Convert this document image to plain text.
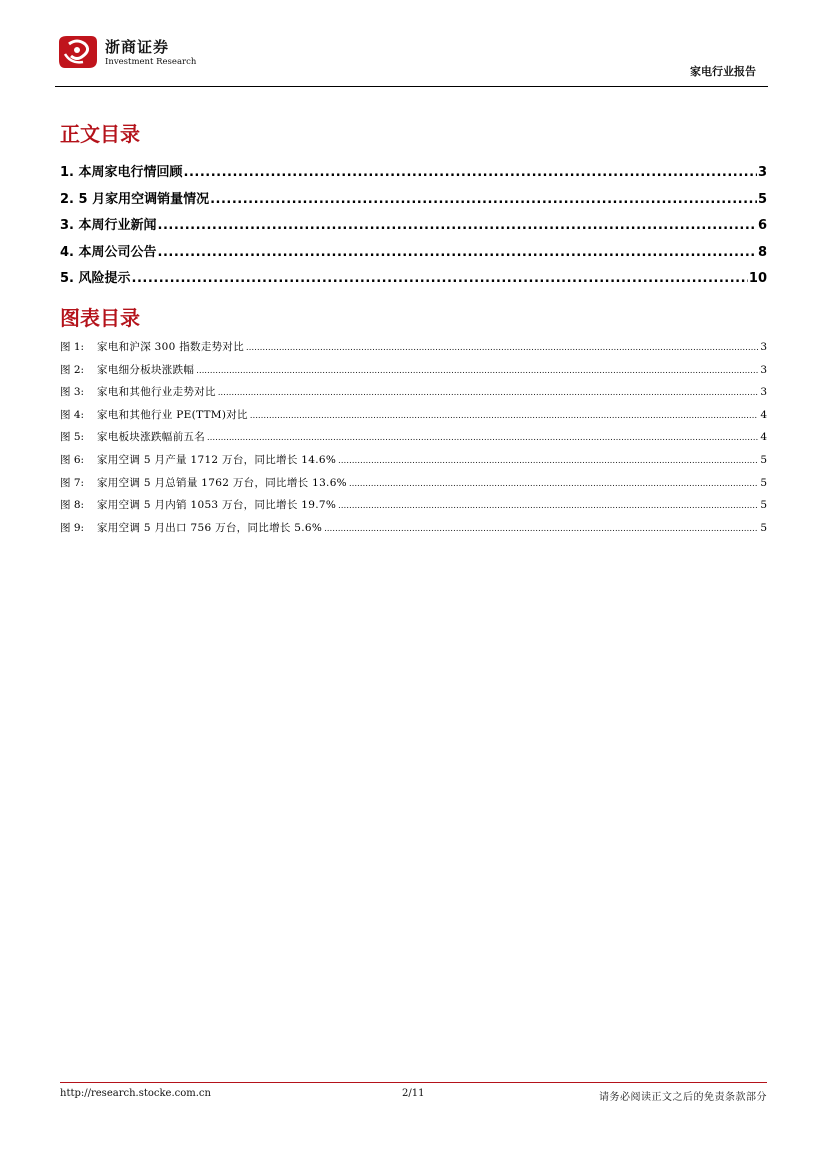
浙商证券
Investment Research
家电行业报告
正文目录
1. 本周家电行情回顾 .....	3
2. 5 月家用空调销量情况 .....	5
3. 本周行业新闻 .....	6
4. 本周公司公告 .....	8
5. 风险提示 .....	10
图表目录
图 1:	家电和沪深 300 指数走势对比 .....	3
图 2:	家电细分板块涨跌幅 .....	3
图 3:	家电和其他行业走势对比 .....	3
图 4:	家电和其他行业 PE(TTM)对比 .....	4
图 5:	家电板块涨跌幅前五名 .....	4
图 6:	家用空调 5 月产量 1712 万台，同比增长 14.6% .....	5
图 7:	家用空调 5 月总销量 1762 万台，同比增长 13.6% .....	5
图 8:	家用空调 5 月内销 1053 万台，同比增长 19.7% .....	5
图 9:	家用空调 5 月出口 756 万台，同比增长 5.6% .....	5
http://research.stocke.com.cn	2/11	请务必阅读正文之后的免责条款部分
